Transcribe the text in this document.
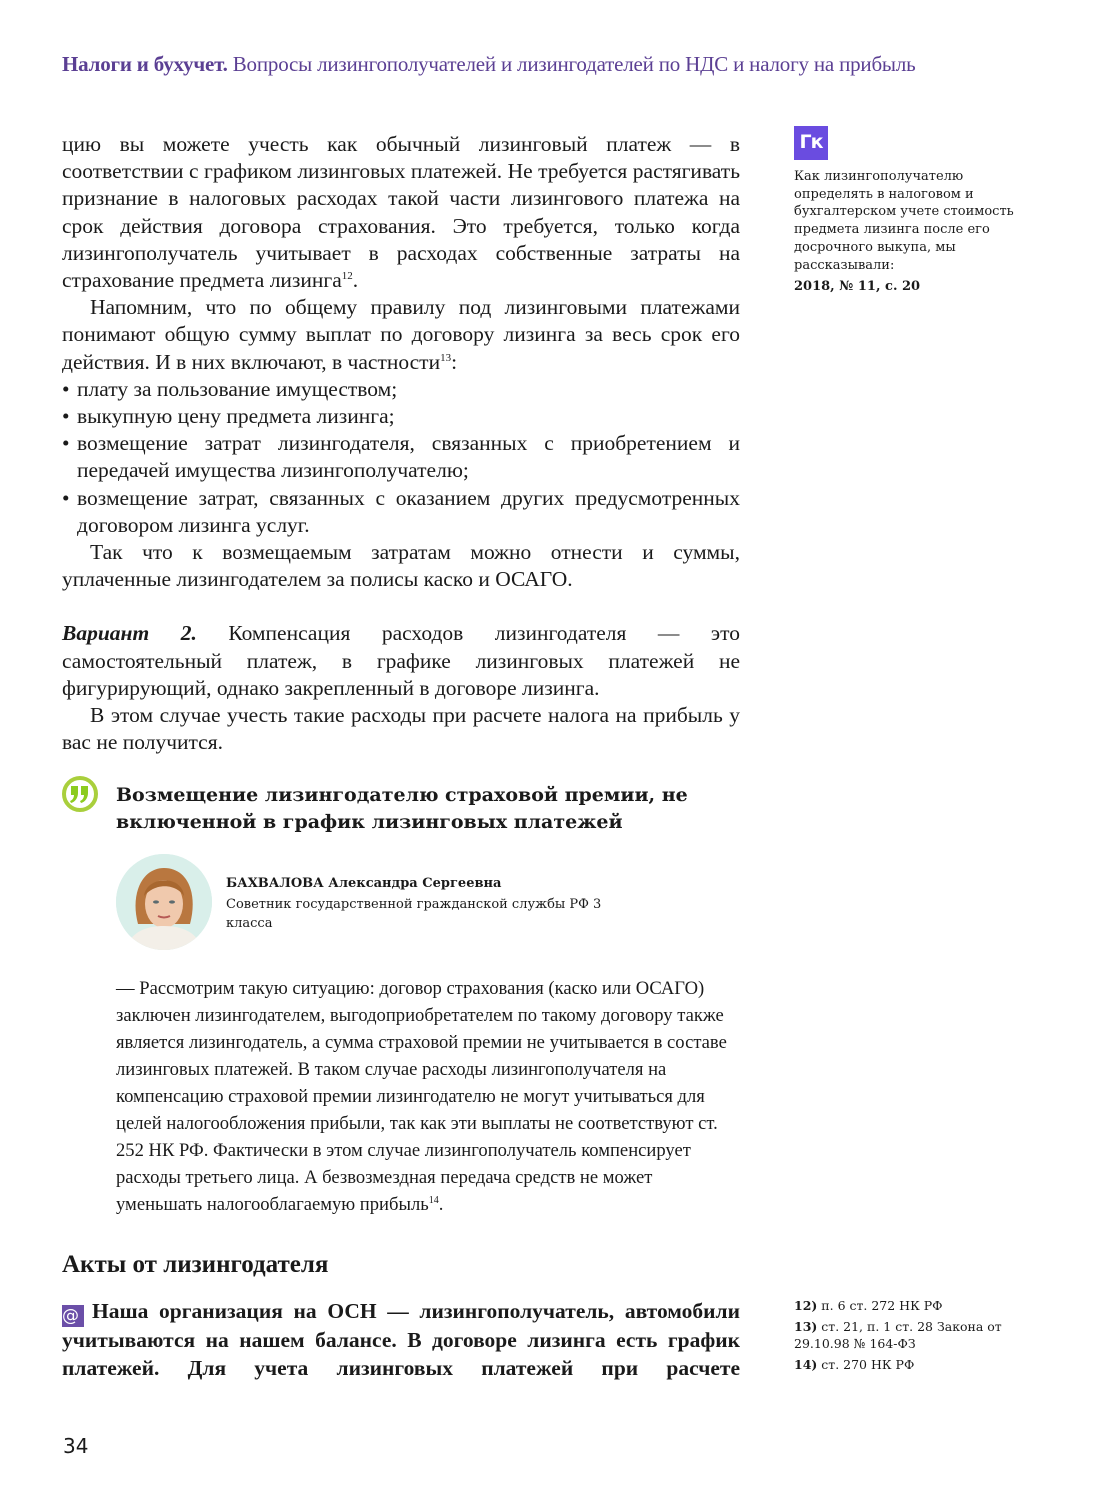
Налоги и бухучет. Вопросы лизингополучателей и лизингодателей по НДС и налогу на прибыль

цию вы можете учесть как обычный лизинговый платеж — в соответствии с графиком лизинговых платежей. Не требуется растягивать признание в налоговых расходах такой части лизингового платежа на срок действия договора страхования. Это требуется, только когда лизингополучатель учитывает в расходах собственные затраты на страхование предмета лизинга$^{12}$.

Напомним, что по общему правилу под лизинговыми платежами понимают общую сумму выплат по договору лизинга за весь срок его действия. И в них включают, в частности$^{13}$:

• плату за пользование имуществом;
• выкупную цену предмета лизинга;
• возмещение затрат лизингодателя, связанных с приобретением и передачей имущества лизингополучателю;
• возмещение затрат, связанных с оказанием других предусмотренных договором лизинга услуг.

Так что к возмещаемым затратам можно отнести и суммы, уплаченные лизингодателем за полисы каско и ОСАГО.

Вариант 2. Компенсация расходов лизингодателя — это самостоятельный платеж, в графике лизинговых платежей не фигурирующий, однако закрепленный в договоре лизинга.

В этом случае учесть такие расходы при расчете налога на прибыль у вас не получится.

Возмещение лизингодателю страховой премии, не включенной в график лизинговых платежей
БАХВАЛОВА Александра Сергеевна
Советник государственной гражданской службы РФ 3 класса
— Рассмотрим такую ситуацию: договор страхования (каско или ОСАГО) заключен лизингодателем, выгодоприобретателем по такому договору также является лизингодатель, а сумма страховой премии не учитывается в составе лизинговых платежей. В таком случае расходы лизингополучателя на компенсацию страховой премии лизингодателю не могут учитываться для целей налогообложения прибыли, так как эти выплаты не соответствуют ст. 252 НК РФ. Фактически в этом случае лизингополучатель компенсирует расходы третьего лица. А безвозмездная передача средств не может уменьшать налогооблагаемую прибыль$^{14}$.
Акты от лизингодателя
@ Наша организация на ОСН — лизингополучатель, автомобили учитываются на нашем балансе. В договоре лизинга есть график платежей. Для учета лизинговых платежей при расчете
Гк
Как лизингополучателю определять в налоговом и бухгалтерском учете стоимость предмета лизинга после его досрочного выкупа, мы рассказывали:
2018, № 11, с. 20
12) п. 6 ст. 272 НК РФ
13) ст. 21, п. 1 ст. 28 Закона от 29.10.98 № 164-ФЗ
14) ст. 270 НК РФ
34
